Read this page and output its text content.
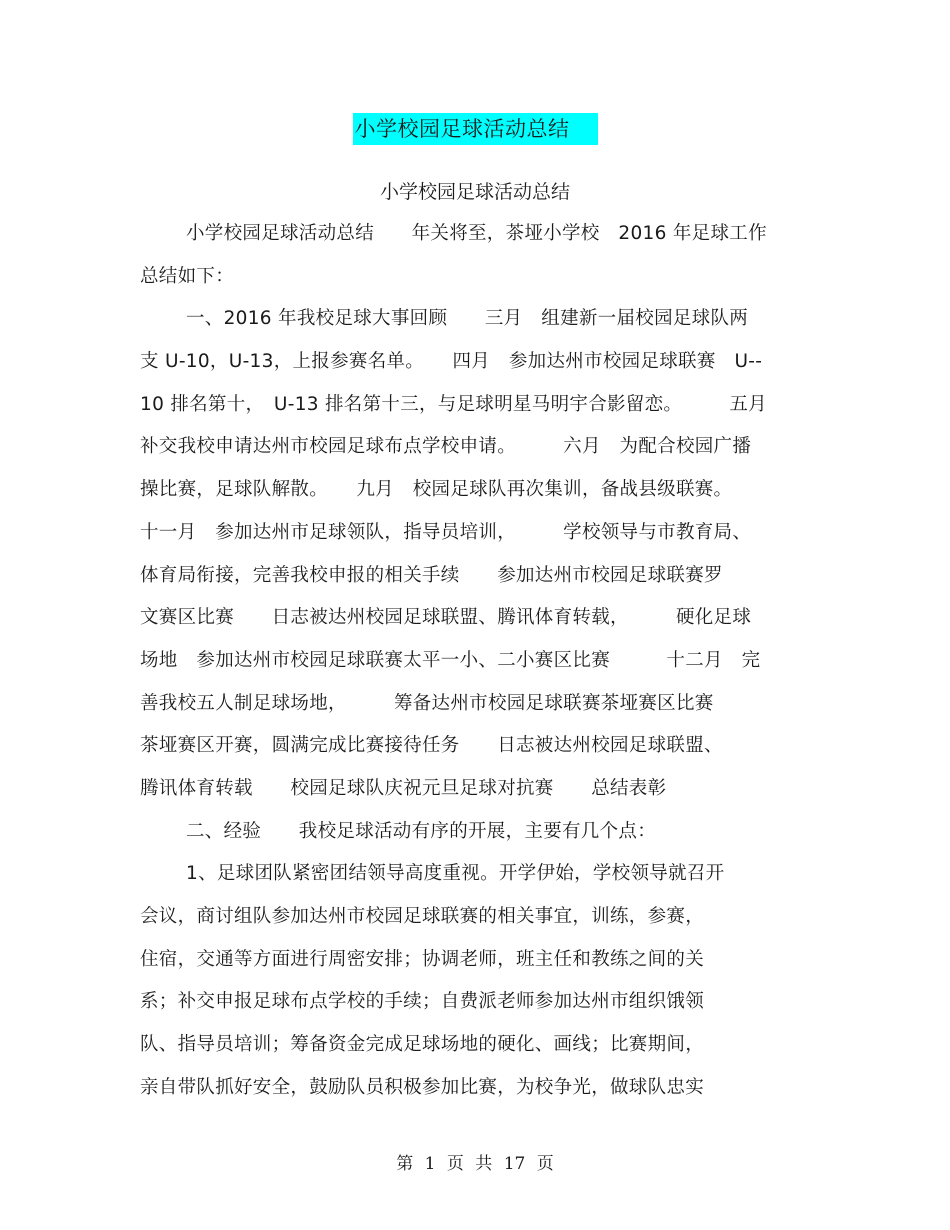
小学校园足球活动总结
小学校园足球活动总结
小学校园足球活动总结　　年关将至，茶垭小学校　2016 年足球工作
总结如下：
一、2016 年我校足球大事回顾　　三月　组建新一届校园足球队两
支 U-10，U-13，上报参赛名单。　　四月　参加达州市校园足球联赛　U--
10 排名第十，　U-13 排名第十三，与足球明星马明宇合影留恋。　　　五月
补交我校申请达州市校园足球布点学校申请。　　　六月　为配合校园广播
操比赛，足球队解散。　　九月　校园足球队再次集训，备战县级联赛。
十一月　参加达州市足球领队，指导员培训，　　　学校领导与市教育局、
体育局衔接，完善我校申报的相关手续　　参加达州市校园足球联赛罗
文赛区比赛　　日志被达州校园足球联盟、腾讯体育转载，　　　硬化足球
场地　参加达州市校园足球联赛太平一小、二小赛区比赛　　　十二月　完
善我校五人制足球场地，　　　筹备达州市校园足球联赛茶垭赛区比赛
茶垭赛区开赛，圆满完成比赛接待任务　　日志被达州校园足球联盟、
腾讯体育转载　　校园足球队庆祝元旦足球对抗赛　　总结表彰
二、经验　　我校足球活动有序的开展，主要有几个点：
1、足球团队紧密团结领导高度重视。开学伊始，学校领导就召开
会议，商讨组队参加达州市校园足球联赛的相关事宜，训练，参赛，
住宿，交通等方面进行周密安排；协调老师，班主任和教练之间的关
系；补交申报足球布点学校的手续；自费派老师参加达州市组织饿领
队、指导员培训；筹备资金完成足球场地的硬化、画线；比赛期间，
亲自带队抓好安全，鼓励队员积极参加比赛，为校争光，做球队忠实
第 1 页 共 17 页
